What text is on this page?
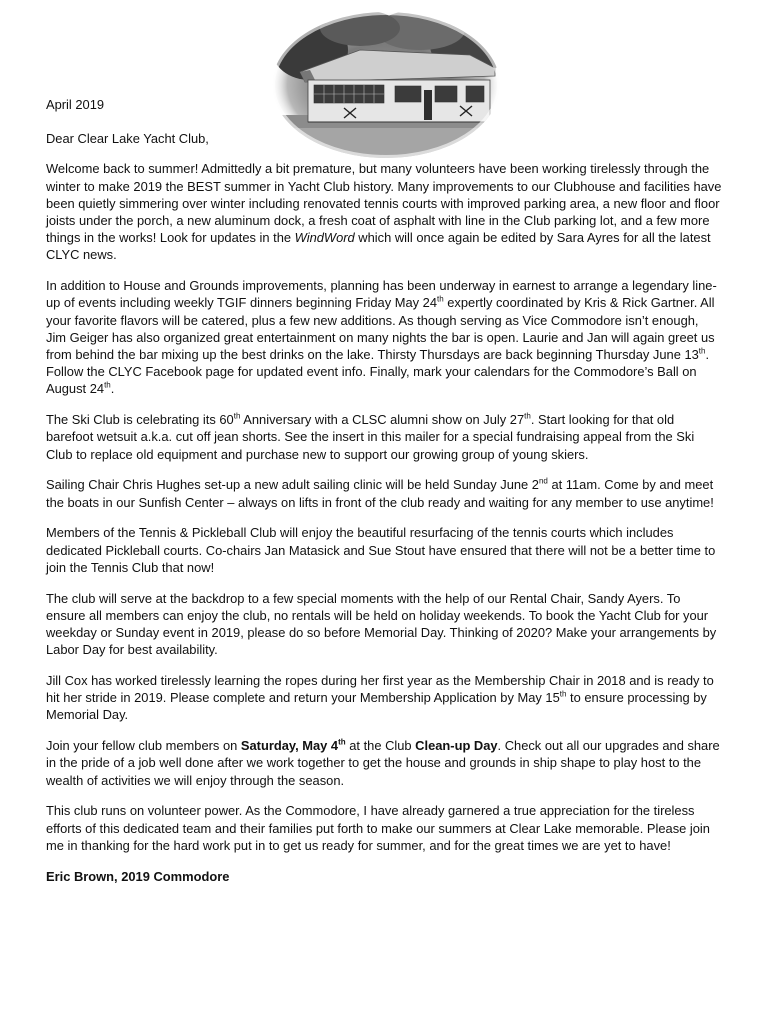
April 2019

Dear Clear Lake Yacht Club,

Welcome back to summer! Admittedly a bit premature, but many volunteers have been working tirelessly through the winter to make 2019 the BEST summer in Yacht Club history. Many improvements to our Clubhouse and facilities have been quietly simmering over winter including renovated tennis courts with improved parking area, a new floor and floor joists under the porch, a new aluminum dock, a fresh coat of asphalt with line in the Club parking lot, and a few more things in the works! Look for updates in the WindWord which will once again be edited by Sara Ayres for all the latest CLYC news.

In addition to House and Grounds improvements, planning has been underway in earnest to arrange a legendary line-up of events including weekly TGIF dinners beginning Friday May 24th expertly coordinated by Kris & Rick Gartner. All your favorite flavors will be catered, plus a few new additions. As though serving as Vice Commodore isn’t enough, Jim Geiger has also organized great entertainment on many nights the bar is open. Laurie and Jan will again greet us from behind the bar mixing up the best drinks on the lake. Thirsty Thursdays are back beginning Thursday June 13th. Follow the CLYC Facebook page for updated event info. Finally, mark your calendars for the Commodore’s Ball on August 24th.

The Ski Club is celebrating its 60th Anniversary with a CLSC alumni show on July 27th. Start looking for that old barefoot wetsuit a.k.a. cut off jean shorts. See the insert in this mailer for a special fundraising appeal from the Ski Club to replace old equipment and purchase new to support our growing group of young skiers.

Sailing Chair Chris Hughes set-up a new adult sailing clinic will be held Sunday June 2nd at 11am. Come by and meet the boats in our Sunfish Center – always on lifts in front of the club ready and waiting for any member to use anytime!

Members of the Tennis & Pickleball Club will enjoy the beautiful resurfacing of the tennis courts which includes dedicated Pickleball courts. Co-chairs Jan Matasick and Sue Stout have ensured that there will not be a better time to join the Tennis Club that now!

The club will serve at the backdrop to a few special moments with the help of our Rental Chair, Sandy Ayers. To ensure all members can enjoy the club, no rentals will be held on holiday weekends. To book the Yacht Club for your weekday or Sunday event in 2019, please do so before Memorial Day. Thinking of 2020? Make your arrangements by Labor Day for best availability.

Jill Cox has worked tirelessly learning the ropes during her first year as the Membership Chair in 2018 and is ready to hit her stride in 2019. Please complete and return your Membership Application by May 15th to ensure processing by Memorial Day.

Join your fellow club members on Saturday, May 4th at the Club Clean-up Day. Check out all our upgrades and share in the pride of a job well done after we work together to get the house and grounds in ship shape to play host to the wealth of activities we will enjoy through the season.

This club runs on volunteer power. As the Commodore, I have already garnered a true appreciation for the tireless efforts of this dedicated team and their families put forth to make our summers at Clear Lake memorable. Please join me in thanking for the hard work put in to get us ready for summer, and for the great times we are yet to have!

Eric Brown, 2019 Commodore
